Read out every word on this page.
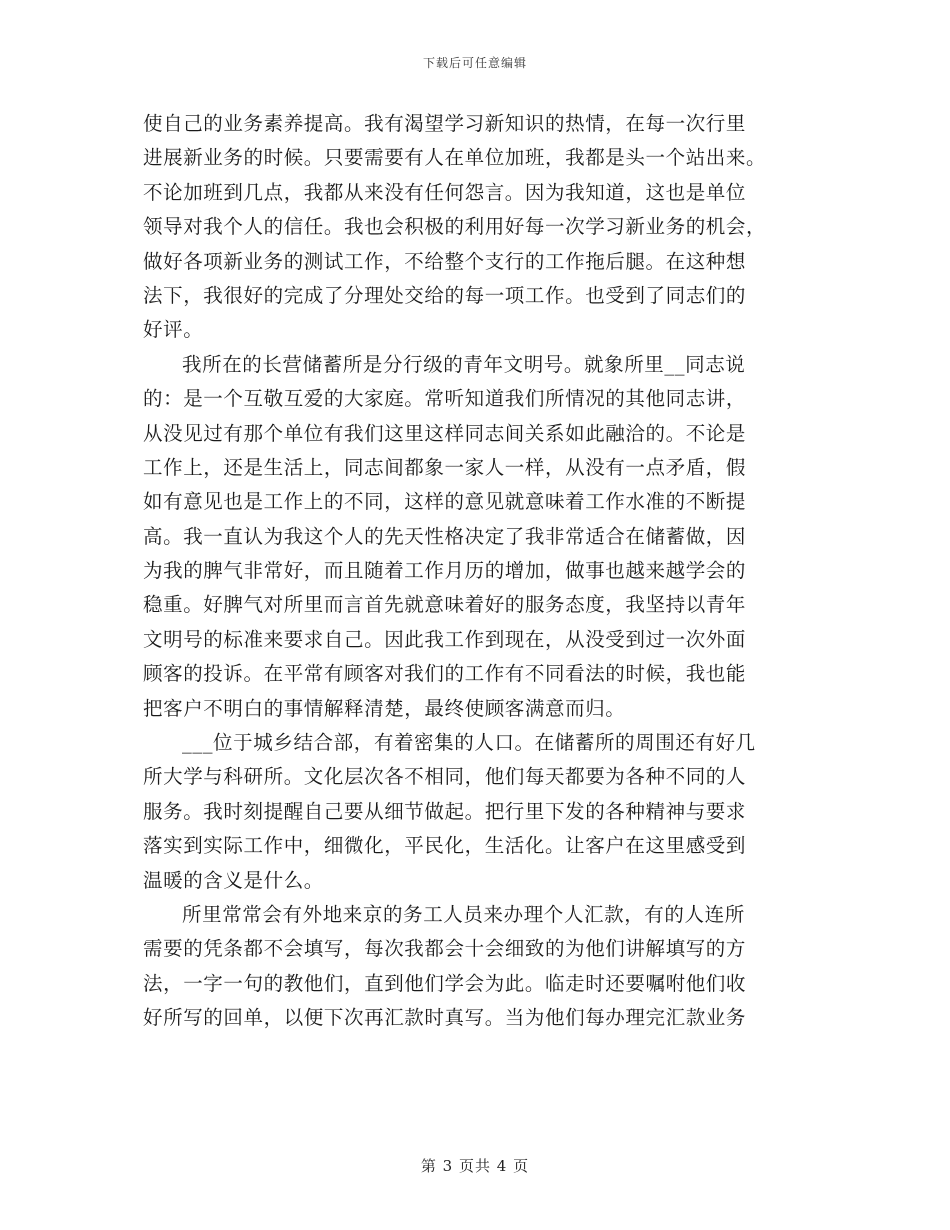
下载后可任意编辑
使自己的业务素养提高。我有渴望学习新知识的热情，在每一次行里
进展新业务的时候。只要需要有人在单位加班，我都是头一个站出来。
不论加班到几点，我都从来没有任何怨言。因为我知道，这也是单位
领导对我个人的信任。我也会积极的利用好每一次学习新业务的机会，
做好各项新业务的测试工作，不给整个支行的工作拖后腿。在这种想
法下，我很好的完成了分理处交给的每一项工作。也受到了同志们的
好评。
我所在的长营储蓄所是分行级的青年文明号。就象所里__同志说
的：是一个互敬互爱的大家庭。常听知道我们所情况的其他同志讲，
从没见过有那个单位有我们这里这样同志间关系如此融洽的。不论是
工作上，还是生活上，同志间都象一家人一样，从没有一点矛盾，假
如有意见也是工作上的不同，这样的意见就意味着工作水准的不断提
高。我一直认为我这个人的先天性格决定了我非常适合在储蓄做，因
为我的脾气非常好，而且随着工作月历的增加，做事也越来越学会的
稳重。好脾气对所里而言首先就意味着好的服务态度，我坚持以青年
文明号的标准来要求自己。因此我工作到现在，从没受到过一次外面
顾客的投诉。在平常有顾客对我们的工作有不同看法的时候，我也能
把客户不明白的事情解释清楚，最终使顾客满意而归。
___位于城乡结合部，有着密集的人口。在储蓄所的周围还有好几
所大学与科研所。文化层次各不相同，他们每天都要为各种不同的人
服务。我时刻提醒自己要从细节做起。把行里下发的各种精神与要求
落实到实际工作中，细微化，平民化，生活化。让客户在这里感受到
温暖的含义是什么。
所里常常会有外地来京的务工人员来办理个人汇款，有的人连所
需要的凭条都不会填写，每次我都会十会细致的为他们讲解填写的方
法，一字一句的教他们，直到他们学会为此。临走时还要嘱咐他们收
好所写的回单，以便下次再汇款时真写。当为他们每办理完汇款业务
第 3 页共 4 页
